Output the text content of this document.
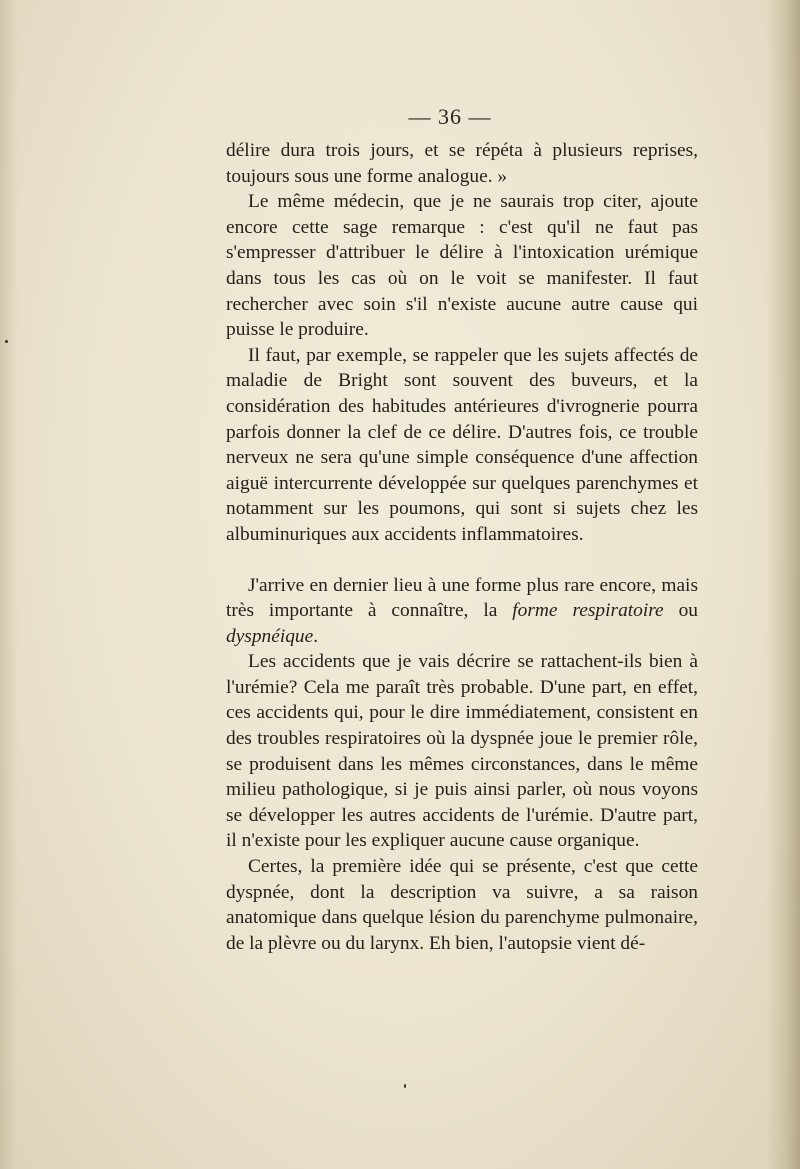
— 36 —

délire dura trois jours, et se répéta à plusieurs reprises, toujours sous une forme analogue. »

Le même médecin, que je ne saurais trop citer, ajoute encore cette sage remarque : c'est qu'il ne faut pas s'empresser d'attribuer le délire à l'intoxication urémique dans tous les cas où on le voit se manifester. Il faut rechercher avec soin s'il n'existe aucune autre cause qui puisse le produire.

Il faut, par exemple, se rappeler que les sujets affectés de maladie de Bright sont souvent des buveurs, et la considération des habitudes antérieures d'ivrognerie pourra parfois donner la clef de ce délire. D'autres fois, ce trouble nerveux ne sera qu'une simple conséquence d'une affection aiguë intercurrente développée sur quelques parenchymes et notamment sur les poumons, qui sont si sujets chez les albuminuriques aux accidents inflammatoires.

J'arrive en dernier lieu à une forme plus rare encore, mais très importante à connaître, la forme respiratoire ou dyspnéique.

Les accidents que je vais décrire se rattachent-ils bien à l'urémie? Cela me paraît très probable. D'une part, en effet, ces accidents qui, pour le dire immédiatement, consistent en des troubles respiratoires où la dyspnée joue le premier rôle, se produisent dans les mêmes circonstances, dans le même milieu pathologique, si je puis ainsi parler, où nous voyons se développer les autres accidents de l'urémie. D'autre part, il n'existe pour les expliquer aucune cause organique.

Certes, la première idée qui se présente, c'est que cette dyspnée, dont la description va suivre, a sa raison anatomique dans quelque lésion du parenchyme pulmonaire, de la plèvre ou du larynx. Eh bien, l'autopsie vient dé-
